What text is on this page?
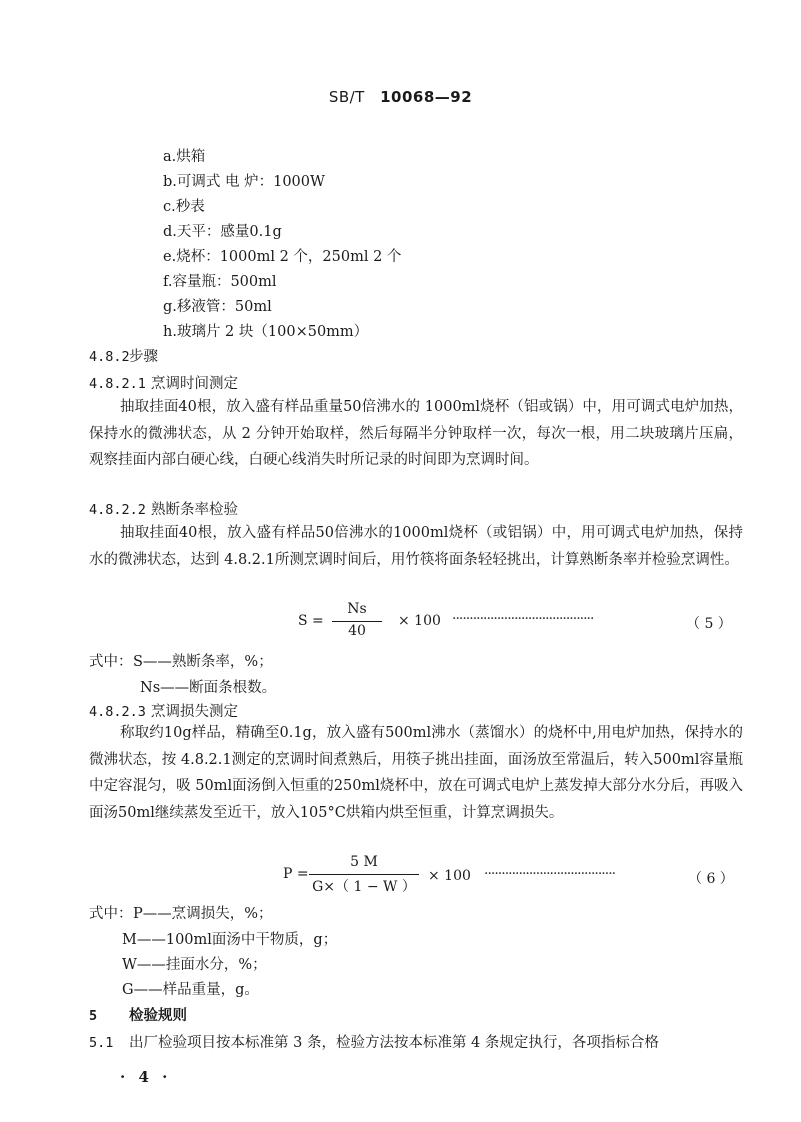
SB/T 10068—92
a.烘箱
b.可调式 电 炉：1000W
c.秒表
d.天平：感量0.1g
e.烧杯：1000ml 2 个，250ml 2 个
f.容量瓶：500ml
g.移液管：50ml
h.玻璃片 2 块（100×50mm）
4.8.2步骤
4.8.2.1 烹调时间测定
抽取挂面40根，放入盛有样品重量50倍沸水的 1000ml烧杯（铝或锅）中，用可调式电炉加热，保持水的微沸状态，从 2 分钟开始取样，然后每隔半分钟取样一次，每次一根，用二块玻璃片压扁，观察挂面内部白硬心线，白硬心线消失时所记录的时间即为烹调时间。
4.8.2.2 熟断条率检验
抽取挂面40根，放入盛有样品50倍沸水的1000ml烧杯（或铝锅）中，用可调式电炉加热，保持水的微沸状态，达到 4.8.2.1所测烹调时间后，用竹筷将面条轻轻挑出，计算熟断条率并检验烹调性。
S =
Ns
40
× 100 ·········································	（ 5 ）
式中： S——熟断条率，%；
Ns——断面条根数。
4.8.2.3 烹调损失测定
称取约10g样品，精确至0.1g，放入盛有500ml沸水（蒸馏水）的烧杯中,用电炉加热，保持水的微沸状态，按 4.8.2.1测定的烹调时间煮熟后，用筷子挑出挂面，面汤放至常温后，转入500ml容量瓶中定容混匀，吸 50ml面汤倒入恒重的250ml烧杯中，放在可调式电炉上蒸发掉大部分水分后，再吸入面汤50ml继续蒸发至近干，放入105°C烘箱内烘至恒重，计算烹调损失。
P =
5 M
G×（ 1 − W ）
× 100 ······································	（ 6 ）
式中： P——烹调损失，%；
M——100ml面汤中干物质，g；
W——挂面水分，%；
G——样品重量，g。
5 检验规则
5.1 出厂检验项目按本标准第 3 条，检验方法按本标准第 4 条规定执行，各项指标合格
· 4 ·
